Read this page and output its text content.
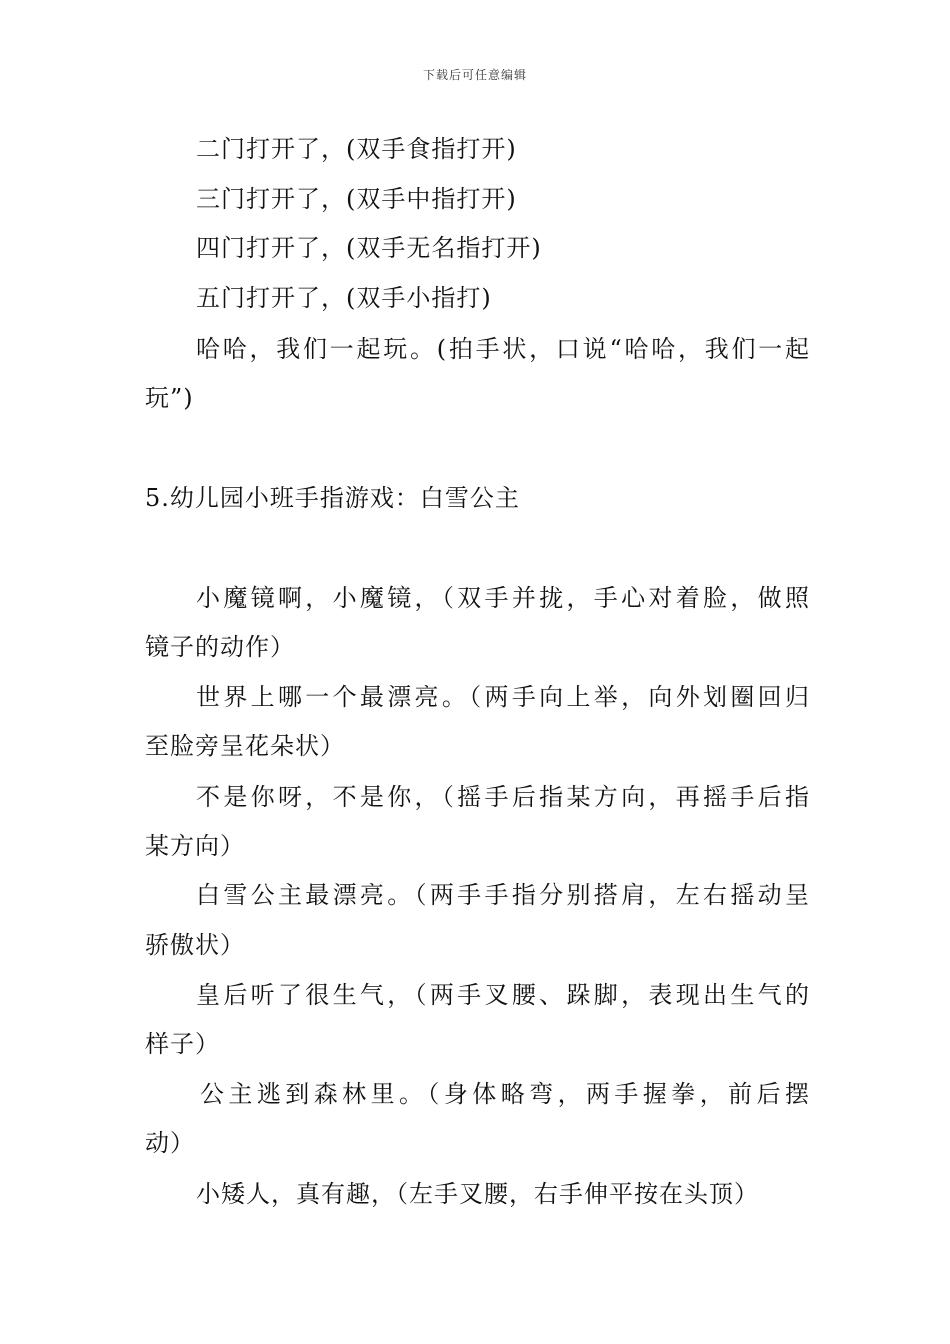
下载后可任意编辑
二门打开了，(双手食指打开)
三门打开了，(双手中指打开)
四门打开了，(双手无名指打开)
五门打开了，(双手小指打)
哈哈，我们一起玩。(拍手状，口说“哈哈，我们一起
玩”)
5.幼儿园小班手指游戏：白雪公主
小魔镜啊，小魔镜，（双手并拢，手心对着脸，做照
镜子的动作）
世界上哪一个最漂亮。（两手向上举，向外划圈回归
至脸旁呈花朵状）
不是你呀，不是你，（摇手后指某方向，再摇手后指
某方向）
白雪公主最漂亮。（两手手指分别搭肩，左右摇动呈
骄傲状）
皇后听了很生气，（两手叉腰、跺脚，表现出生气的
样子）
公主逃到森林里。（身体略弯，两手握拳，前后摆
动）
小矮人，真有趣，（左手叉腰，右手伸平按在头顶）
